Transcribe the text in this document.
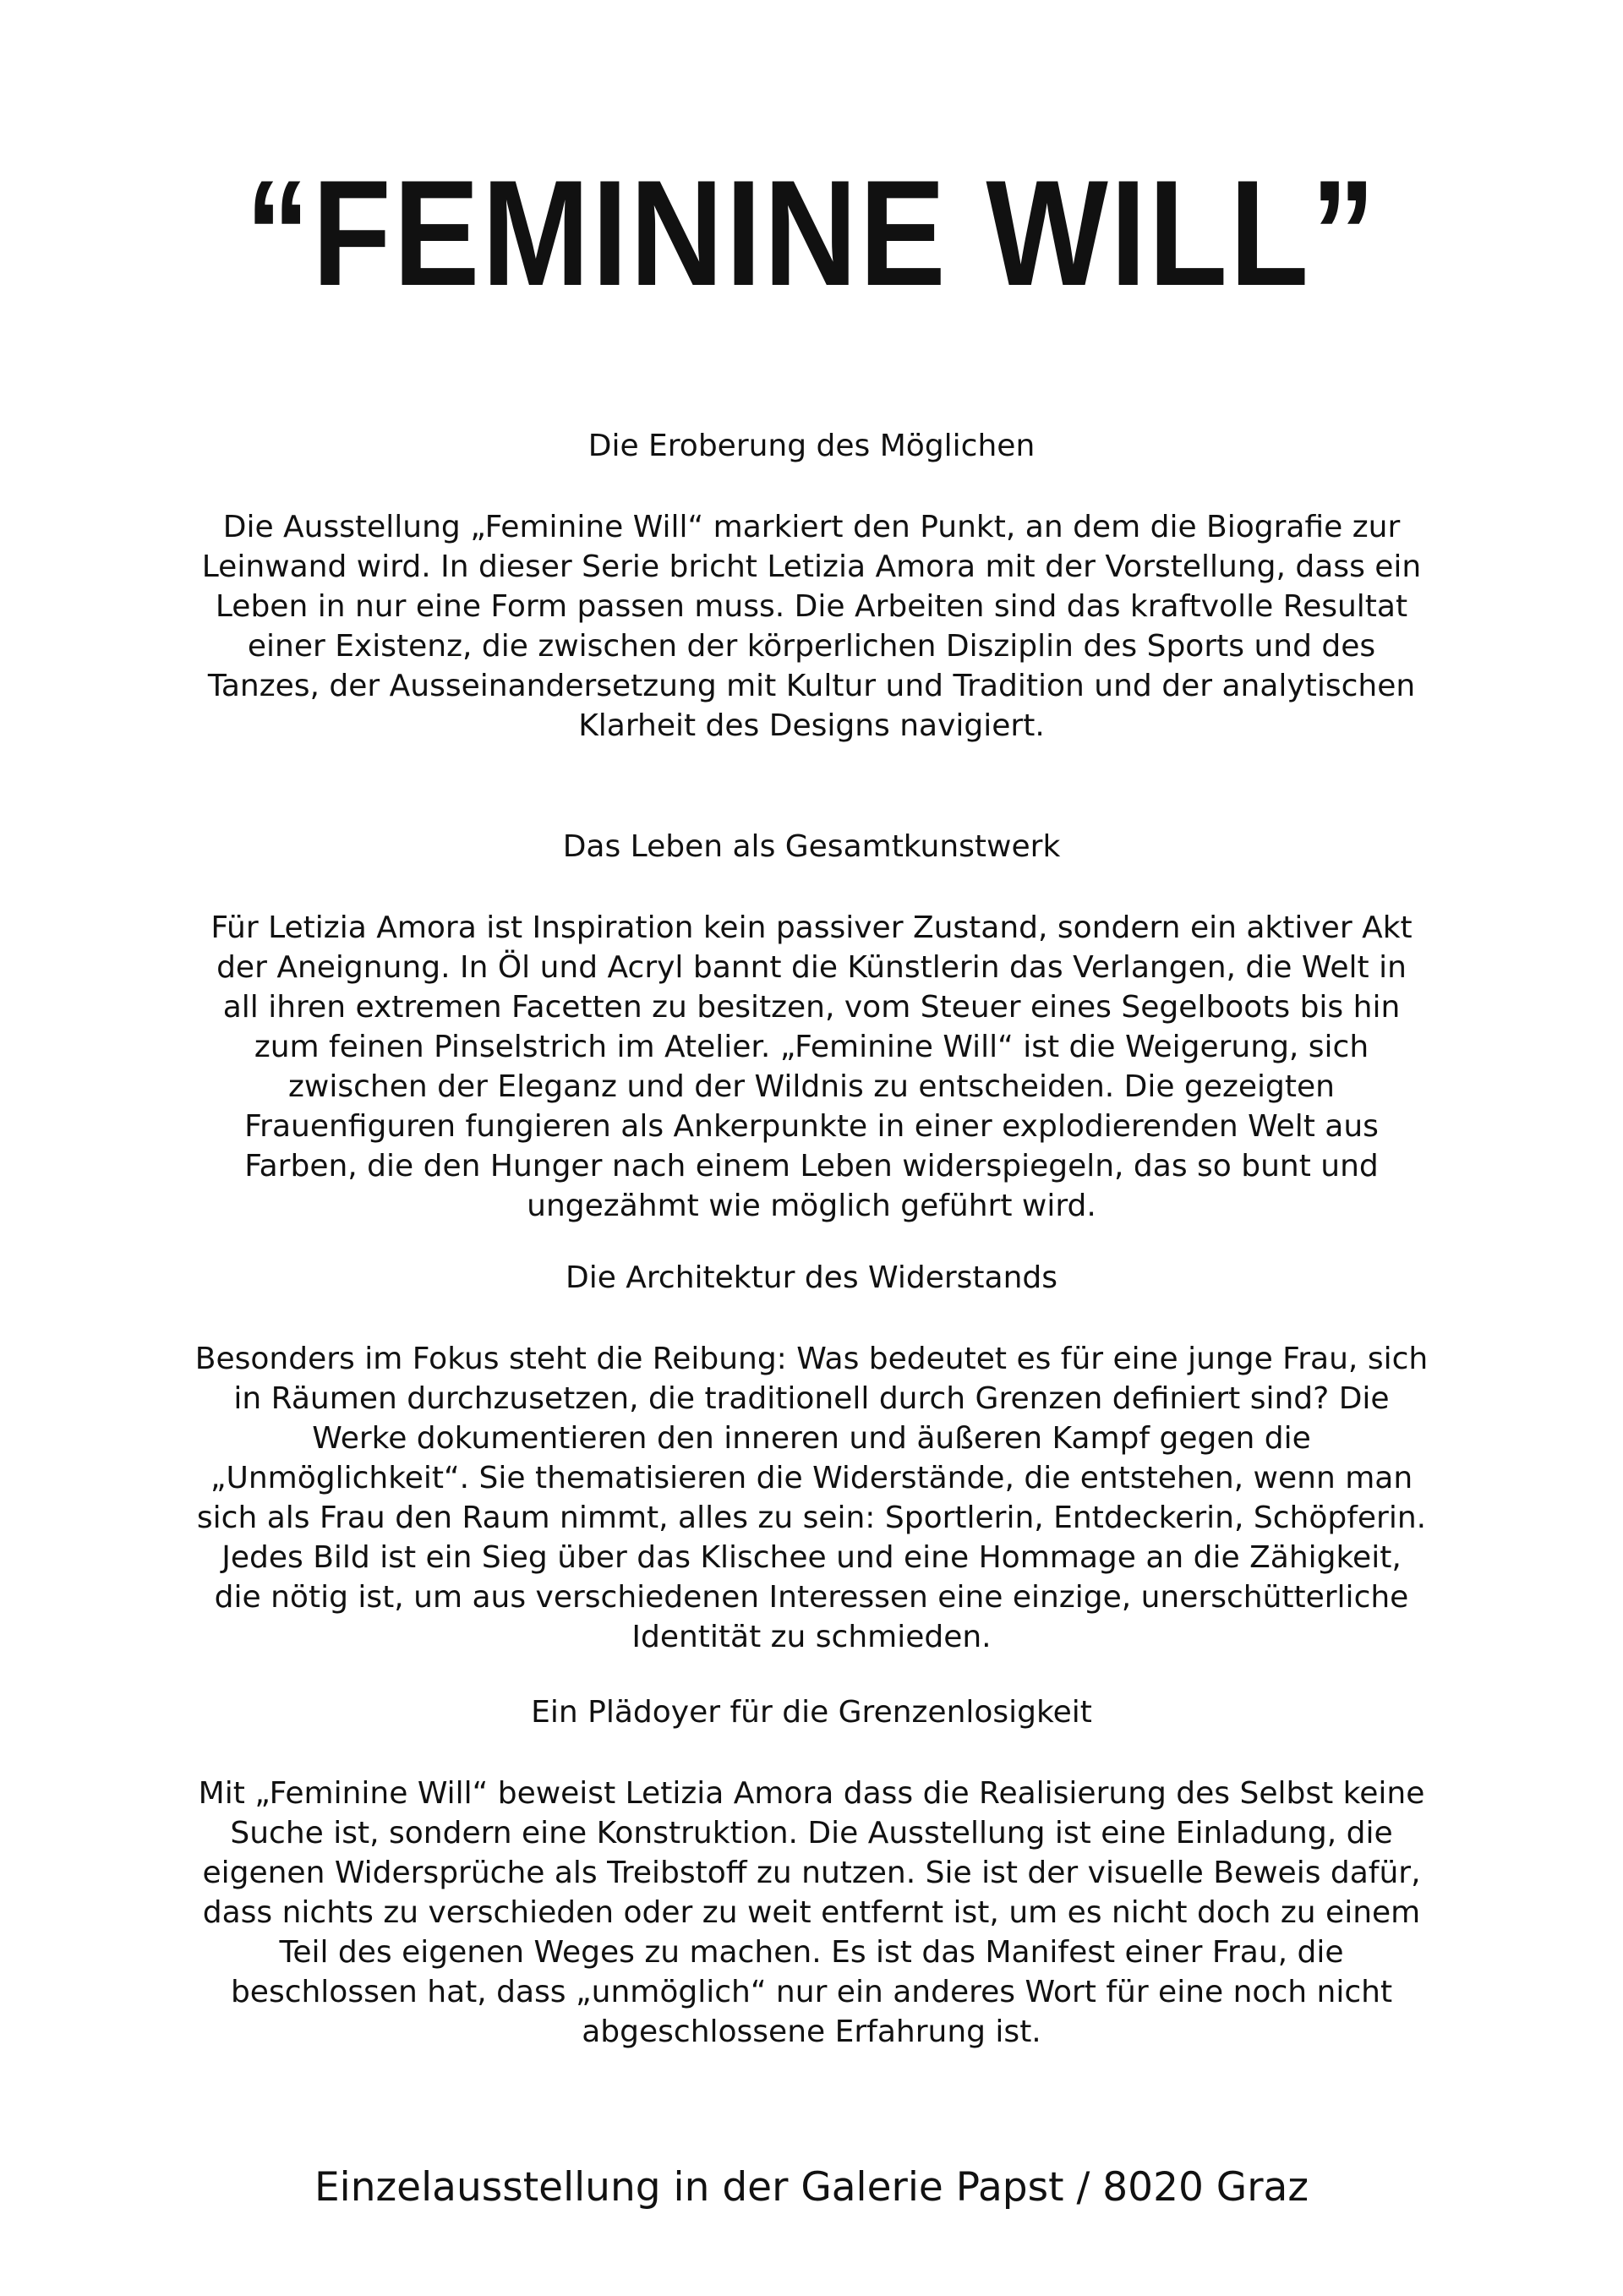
“FEMININE WILL”
Die Eroberung des Möglichen

Die Ausstellung „Feminine Will“ markiert den Punkt, an dem die Biografie zur Leinwand wird. In dieser Serie bricht Letizia Amora mit der Vorstellung, dass ein Leben in nur eine Form passen muss. Die Arbeiten sind das kraftvolle Resultat einer Existenz, die zwischen der körperlichen Disziplin des Sports und des Tanzes, der Ausseinandersetzung mit Kultur und Tradition und der analytischen Klarheit des Designs navigiert.

Das Leben als Gesamtkunstwerk

Für Letizia Amora ist Inspiration kein passiver Zustand, sondern ein aktiver Akt der Aneignung. In Öl und Acryl bannt die Künstlerin das Verlangen, die Welt in all ihren extremen Facetten zu besitzen, vom Steuer eines Segelboots bis hin zum feinen Pinselstrich im Atelier. „Feminine Will“ ist die Weigerung, sich zwischen der Eleganz und der Wildnis zu entscheiden. Die gezeigten Frauenfiguren fungieren als Ankerpunkte in einer explodierenden Welt aus Farben, die den Hunger nach einem Leben widerspiegeln, das so bunt und ungezähmt wie möglich geführt wird.

Die Architektur des Widerstands

Besonders im Fokus steht die Reibung: Was bedeutet es für eine junge Frau, sich in Räumen durchzusetzen, die traditionell durch Grenzen definiert sind? Die Werke dokumentieren den inneren und äußeren Kampf gegen die „Unmöglichkeit“. Sie thematisieren die Widerstände, die entstehen, wenn man sich als Frau den Raum nimmt, alles zu sein: Sportlerin, Entdeckerin, Schöpferin. Jedes Bild ist ein Sieg über das Klischee und eine Hommage an die Zähigkeit, die nötig ist, um aus verschiedenen Interessen eine einzige, unerschütterliche Identität zu schmieden.

Ein Plädoyer für die Grenzenlosigkeit

Mit „Feminine Will“ beweist Letizia Amora dass die Realisierung des Selbst keine Suche ist, sondern eine Konstruktion. Die Ausstellung ist eine Einladung, die eigenen Widersprüche als Treibstoff zu nutzen. Sie ist der visuelle Beweis dafür, dass nichts zu verschieden oder zu weit entfernt ist, um es nicht doch zu einem Teil des eigenen Weges zu machen. Es ist das Manifest einer Frau, die beschlossen hat, dass „unmöglich“ nur ein anderes Wort für eine noch nicht abgeschlossene Erfahrung ist.

Einzelausstellung in der Galerie Papst / 8020 Graz
